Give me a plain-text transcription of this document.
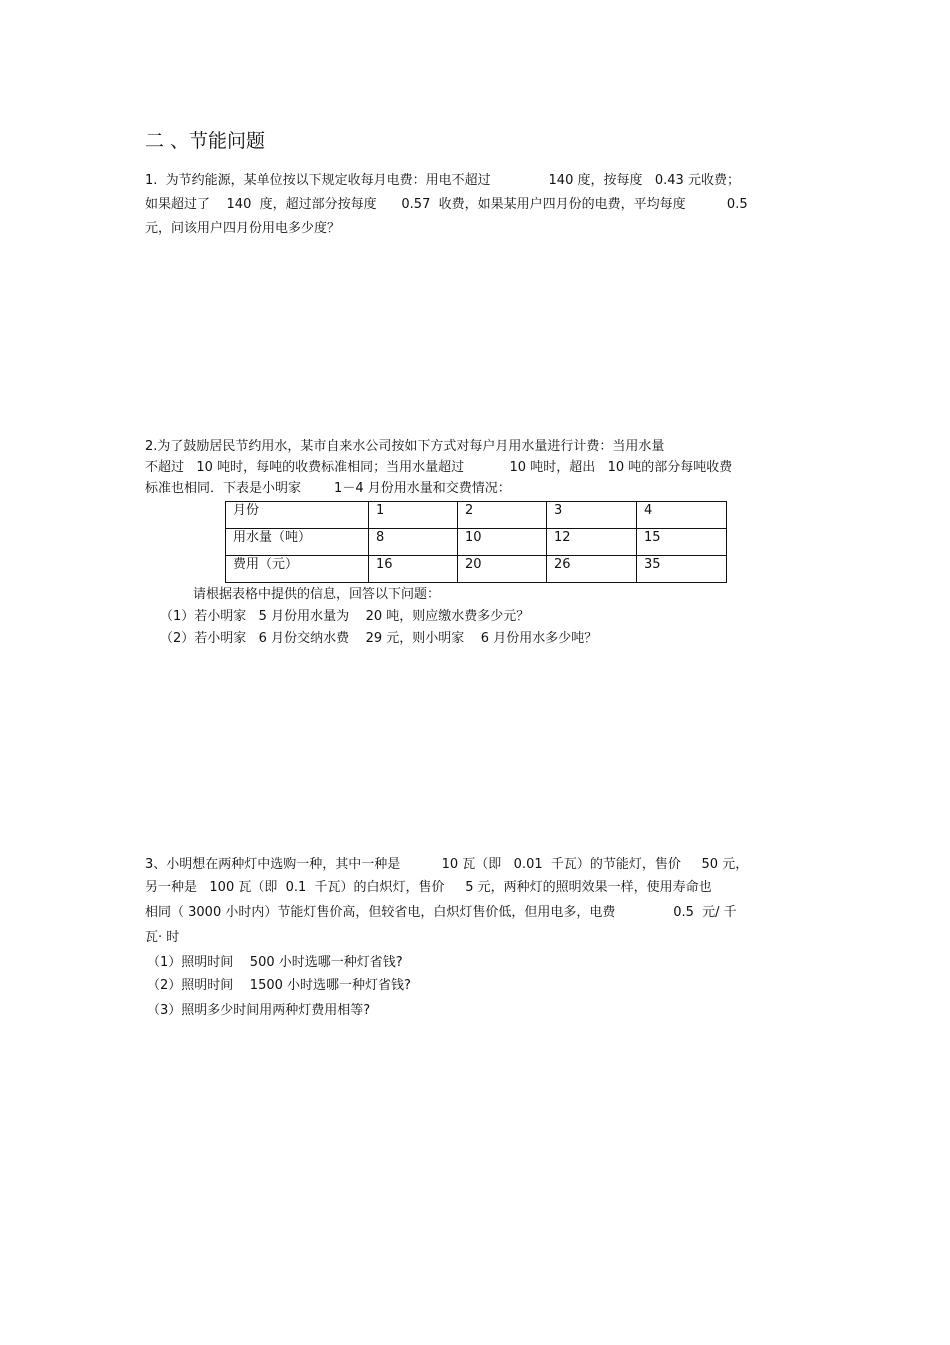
二 、节能问题
1.  为节约能源，某单位按以下规定收每月电费：用电不超过              140 度，按每度   0.43 元收费；
如果超过了    140  度，超过部分按每度      0.57  收费，如果某用户四月份的电费，平均每度          0.5
元，问该用户四月份用电多少度？
2.为了鼓励居民节约用水，某市自来水公司按如下方式对每户月用水量进行计费：当用水量
不超过   10 吨时，每吨的收费标准相同；当用水量超过           10 吨时，超出   10 吨的部分每吨收费
标准也相同．下表是小明家        1－4 月份用水量和交费情况：
月份	1	2	3	4
用水量（吨）	8	10	12	15
费用（元）	16	20	26	35
请根据表格中提供的信息，回答以下问题：
（1）若小明家   5 月份用水量为    20 吨，则应缴水费多少元？
（2）若小明家   6 月份交纳水费    29 元，则小明家    6 月份用水多少吨？
3、小明想在两种灯中选购一种，其中一种是          10 瓦（即   0.01  千瓦）的节能灯，售价     50 元，
另一种是   100 瓦（即  0.1  千瓦）的白炽灯，售价     5 元，两种灯的照明效果一样，使用寿命也
相同（ 3000 小时内）节能灯售价高，但较省电，白炽灯售价低，但用电多，电费              0.5  元/ 千
瓦· 时
（1）照明时间    500 小时选哪一种灯省钱?
（2）照明时间    1500 小时选哪一种灯省钱?
（3）照明多少时间用两种灯费用相等?
